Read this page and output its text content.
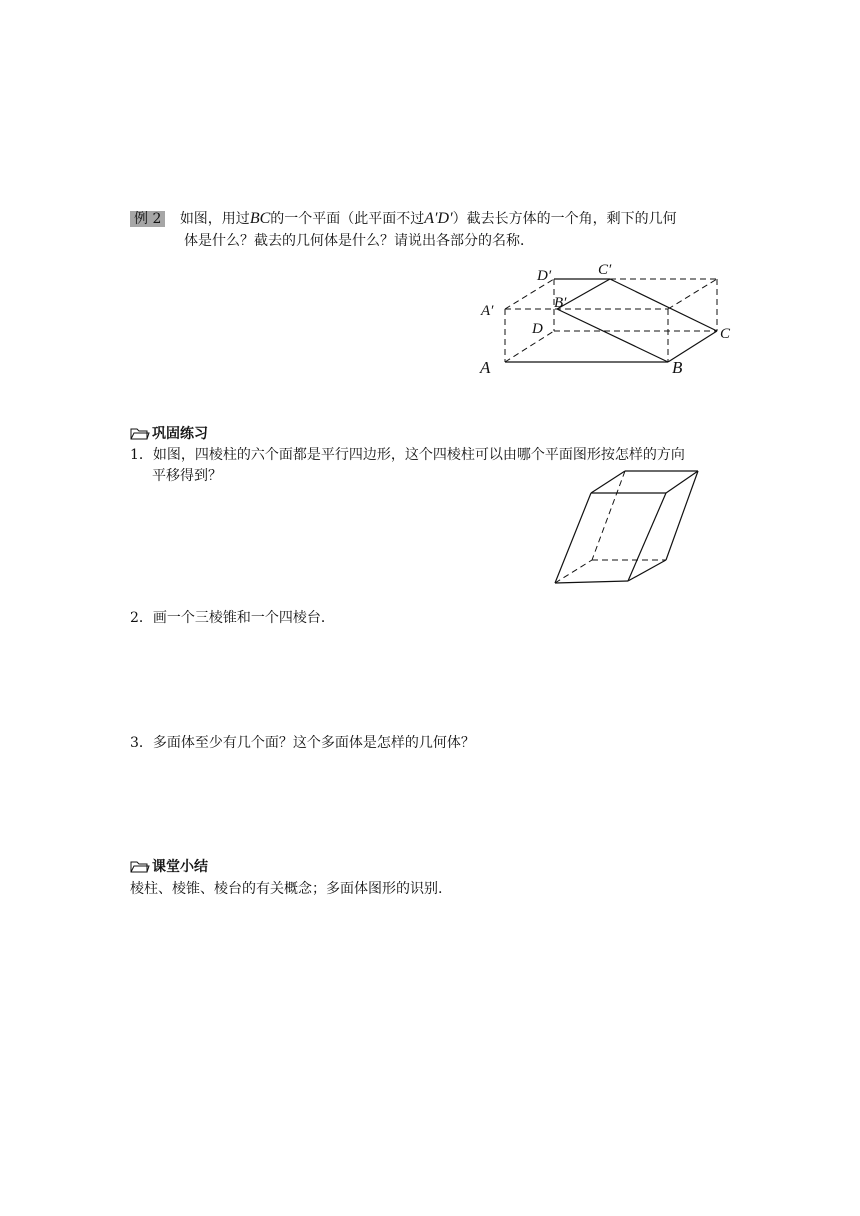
例 2 如图，用过BC的一个平面（此平面不过A′D′）截去长方体的一个角，剩下的几何
体是什么？截去的几何体是什么？请说出各部分的名称．
A	B
C
D
A′	B′
C′
D′
巩固练习
1．如图，四棱柱的六个面都是平行四边形，这个四棱柱可以由哪个平面图形按怎样的方向
平移得到？
2．画一个三棱锥和一个四棱台．
3．多面体至少有几个面？这个多面体是怎样的几何体？
课堂小结
棱柱、棱锥、棱台的有关概念；多面体图形的识别.
